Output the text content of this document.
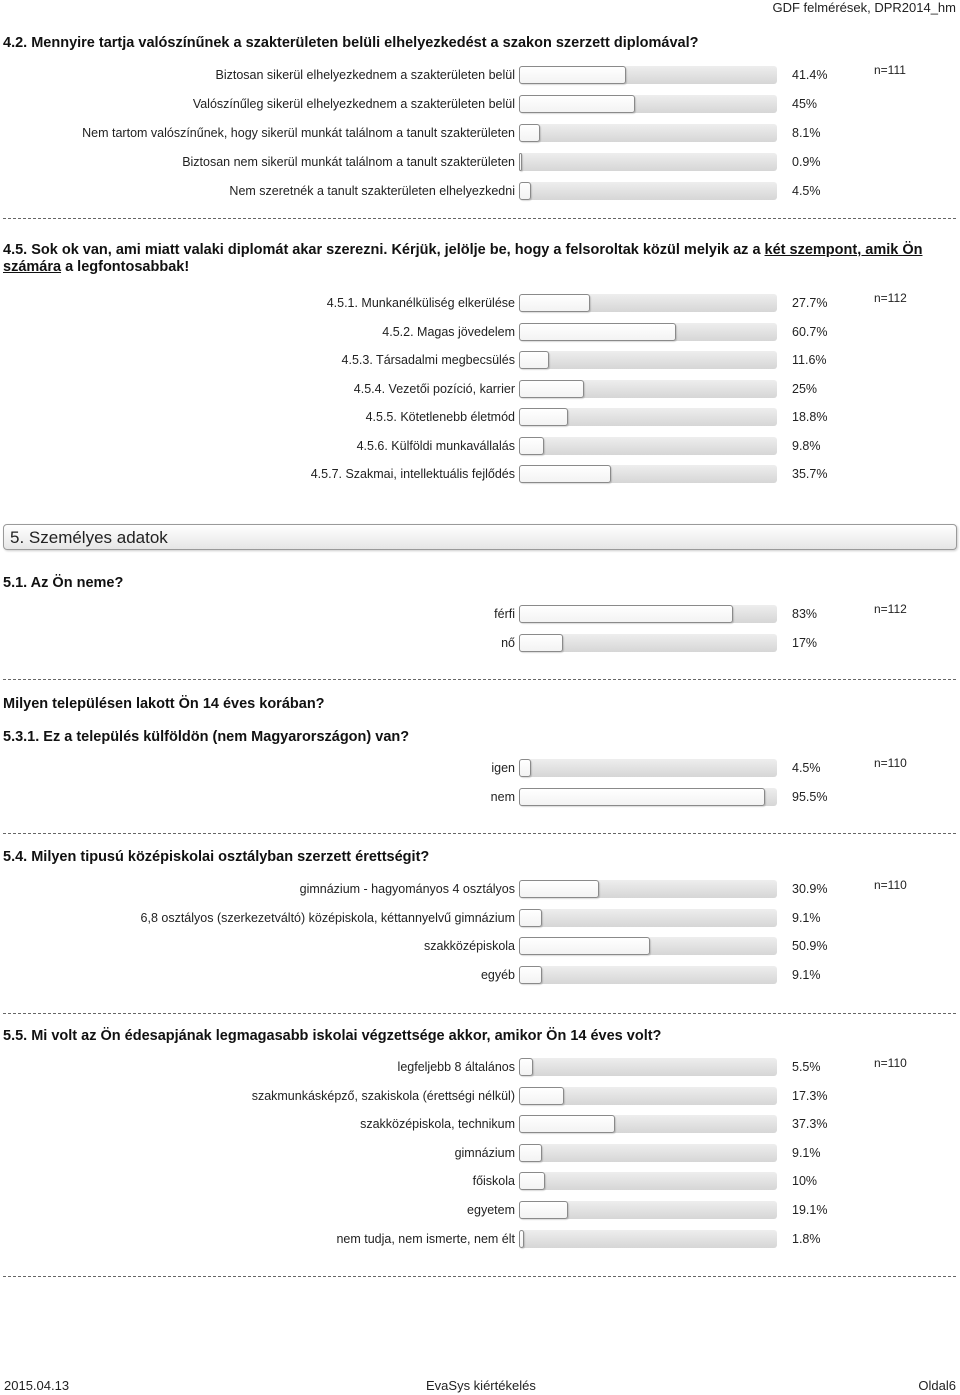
GDF felmérések, DPR2014_hm
4.2. Mennyire tartja valószínűnek a szakterületen belüli elhelyezkedést a szakon szerzett diplomával?
n=111
Biztosan sikerül elhelyezkednem a szakterületen belül	41.4%
Valószínűleg sikerül elhelyezkednem a szakterületen belül	45%
Nem tartom valószínűnek, hogy sikerül munkát találnom a tanult szakterületen	8.1%
Biztosan nem sikerül munkát találnom a tanult szakterületen	0.9%
Nem szeretnék a tanult szakterületen elhelyezkedni	4.5%
4.5. Sok ok van, ami miatt valaki diplomát akar szerezni. Kérjük, jelölje be, hogy a felsoroltak közül melyik az a két szempont, amik Ön számára a legfontosabbak!
n=112
4.5.1. Munkanélküliség elkerülése	27.7%
4.5.2. Magas jövedelem	60.7%
4.5.3. Társadalmi megbecsülés	11.6%
4.5.4. Vezetői pozíció, karrier	25%
4.5.5. Kötetlenebb életmód	18.8%
4.5.6. Külföldi munkavállalás	9.8%
4.5.7. Szakmai, intellektuális fejlődés	35.7%
5. Személyes adatok
5.1. Az Ön neme?
n=112
férfi	83%
nő	17%
Milyen településen lakott Ön 14 éves korában?
5.3.1. Ez a település külföldön (nem Magyarországon) van?
n=110
igen	4.5%
nem	95.5%
5.4. Milyen tipusú középiskolai osztályban szerzett érettségit?
n=110
gimnázium - hagyományos 4 osztályos	30.9%
6,8 osztályos (szerkezetváltó) középiskola, kéttannyelvű gimnázium	9.1%
szakközépiskola	50.9%
egyéb	9.1%
5.5. Mi volt az Ön édesapjának legmagasabb iskolai végzettsége akkor, amikor Ön 14 éves volt?
n=110
legfeljebb 8 általános	5.5%
szakmunkásképző, szakiskola (érettségi nélkül)	17.3%
szakközépiskola, technikum	37.3%
gimnázium	9.1%
főiskola	10%
egyetem	19.1%
nem tudja, nem ismerte, nem élt	1.8%
2015.04.13	EvaSys kiértékelés	Oldal6
